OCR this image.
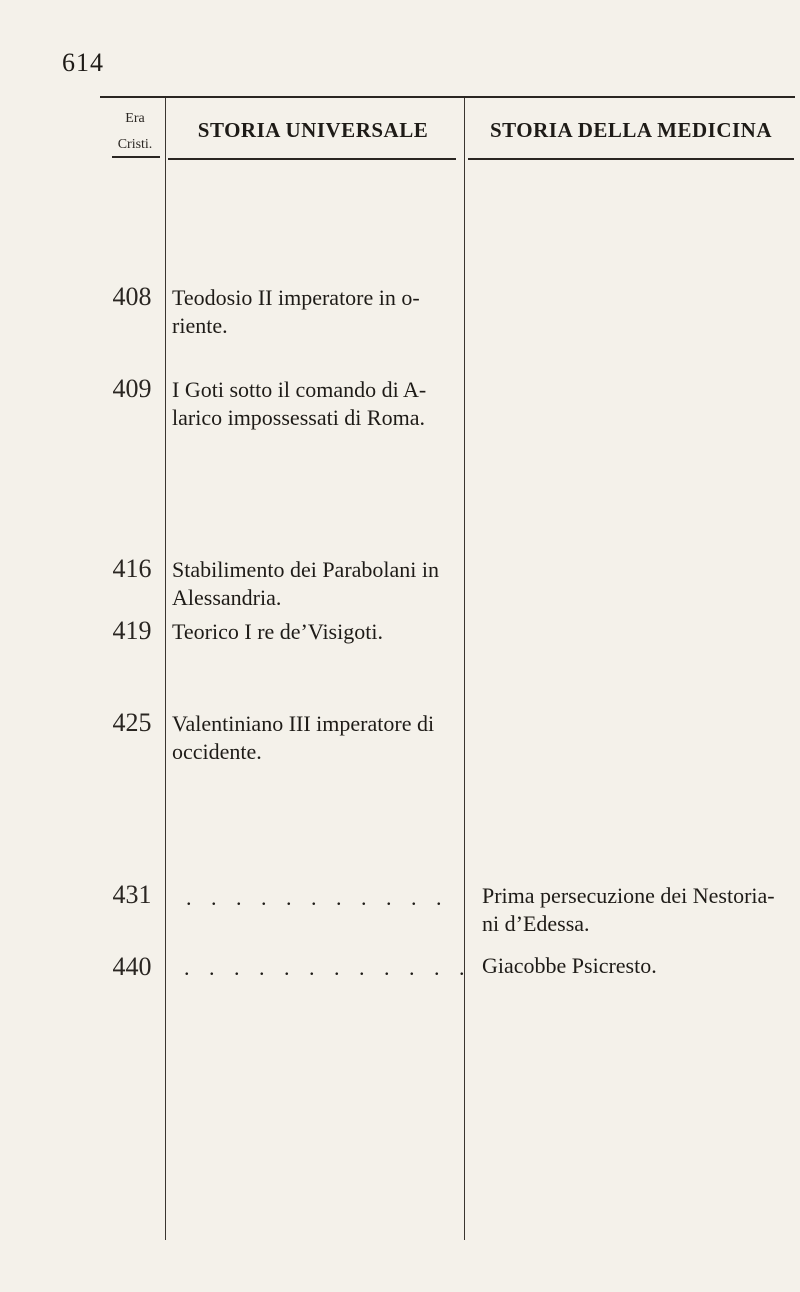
614
Era
Cristi.
STORIA UNIVERSALE	STORIA DELLA MEDICINA
408 Teodosio II imperatore in o-
riente.
409 I Goti sotto il comando di A-
larico impossessati di Roma.
416 Stabilimento dei Parabolani in
Alessandria.
419 Teorico I re de’Visigoti.
425 Valentiniano III imperatore di
occidente.
431	. . . . . . . . . . .	Prima persecuzione dei Nestoria-
ni d’Edessa.
440	. . . . . . . . . . . . Giacobbe Psicresto.
